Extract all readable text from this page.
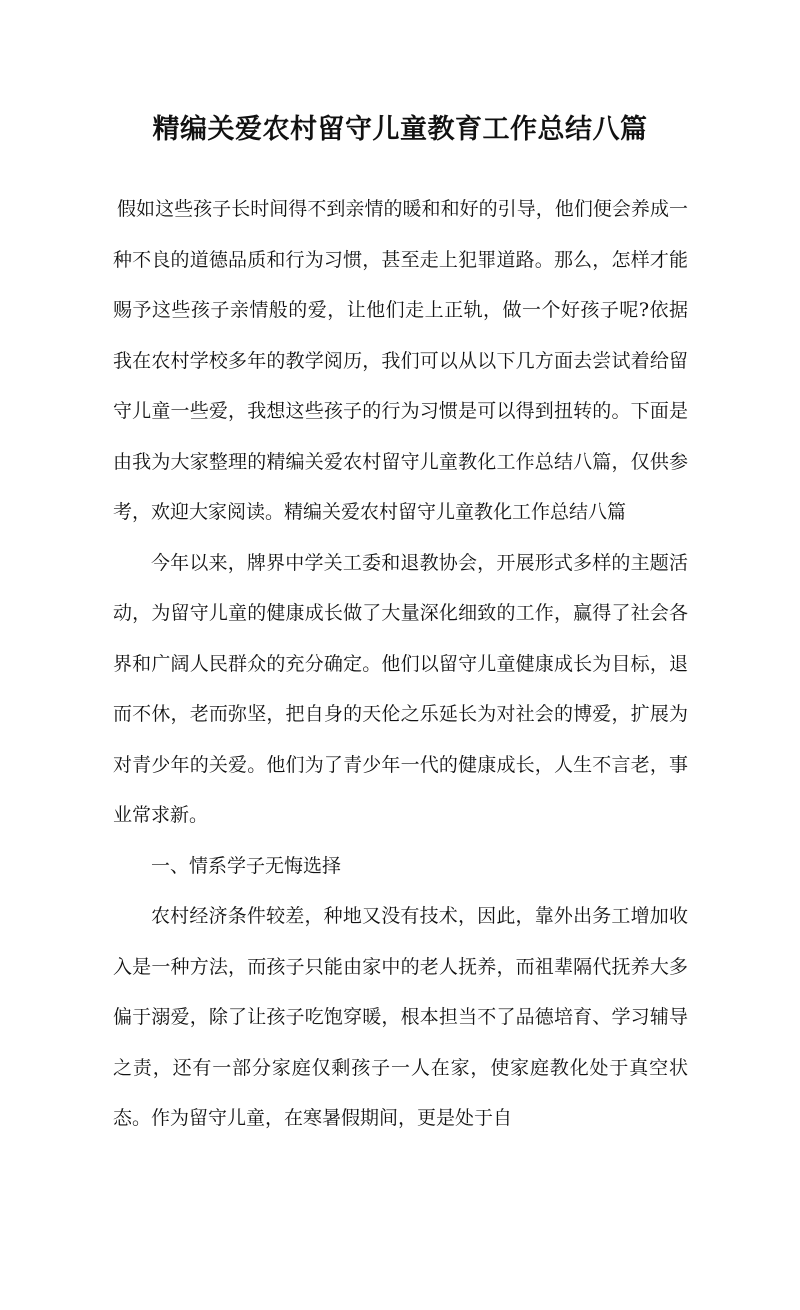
精编关爱农村留守儿童教育工作总结八篇

假如这些孩子长时间得不到亲情的暖和和好的引导，他们便会养成一种不良的道德品质和行为习惯，甚至走上犯罪道路。那么，怎样才能赐予这些孩子亲情般的爱，让他们走上正轨，做一个好孩子呢?依据我在农村学校多年的教学阅历，我们可以从以下几方面去尝试着给留守儿童一些爱，我想这些孩子的行为习惯是可以得到扭转的。下面是由我为大家整理的精编关爱农村留守儿童教化工作总结八篇，仅供参考，欢迎大家阅读。精编关爱农村留守儿童教化工作总结八篇

今年以来，牌界中学关工委和退教协会，开展形式多样的主题活动，为留守儿童的健康成长做了大量深化细致的工作，赢得了社会各界和广阔人民群众的充分确定。他们以留守儿童健康成长为目标，退而不休，老而弥坚，把自身的天伦之乐延长为对社会的博爱，扩展为对青少年的关爱。他们为了青少年一代的健康成长，人生不言老，事业常求新。

一、情系学子无悔选择

农村经济条件较差，种地又没有技术，因此，靠外出务工增加收入是一种方法，而孩子只能由家中的老人抚养，而祖辈隔代抚养大多偏于溺爱，除了让孩子吃饱穿暖，根本担当不了品德培育、学习辅导之责，还有一部分家庭仅剩孩子一人在家，使家庭教化处于真空状态。作为留守儿童，在寒暑假期间，更是处于自
